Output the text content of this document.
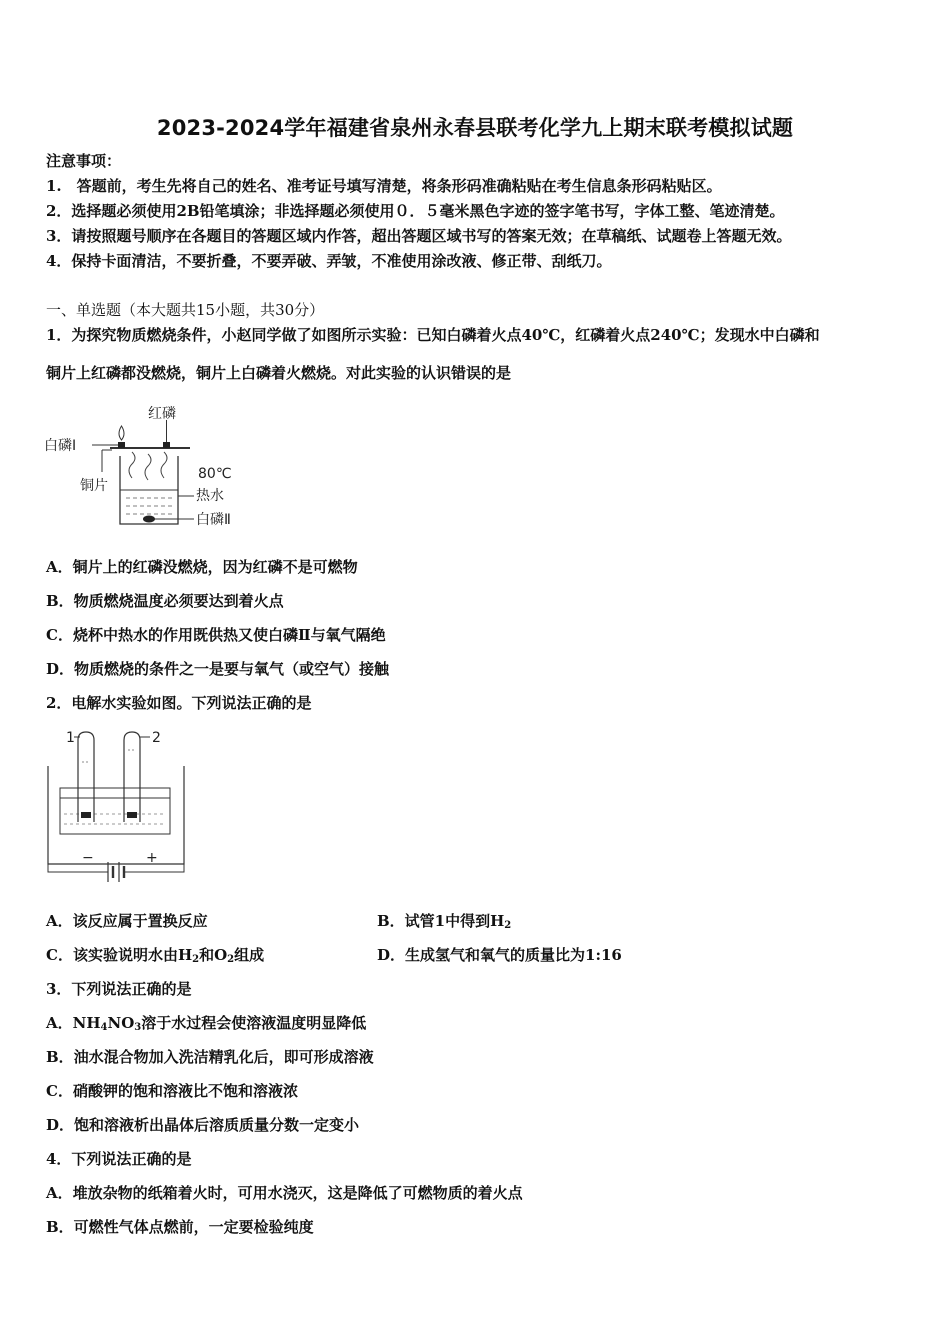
2023-2024学年福建省泉州永春县联考化学九上期末联考模拟试题
注意事项：
1.　答题前，考生先将自己的姓名、准考证号填写清楚，将条形码准确粘贴在考生信息条形码粘贴区。
2．选择题必须使用2B铅笔填涂；非选择题必须使用０．５毫米黑色字迹的签字笔书写，字体工整、笔迹清楚。
3．请按照题号顺序在各题目的答题区域内作答，超出答题区域书写的答案无效；在草稿纸、试题卷上答题无效。
4．保持卡面清洁，不要折叠，不要弄破、弄皱，不准使用涂改液、修正带、刮纸刀。
一、单选题（本大题共15小题，共30分）
1．为探究物质燃烧条件，小赵同学做了如图所示实验：已知白磷着火点40℃，红磷着火点240℃；发现水中白磷和
铜片上红磷都没燃烧，铜片上白磷着火燃烧。对此实验的认识错误的是
红磷
白磷Ⅰ
铜片
80℃
热水
白磷Ⅱ
A．铜片上的红磷没燃烧，因为红磷不是可燃物
B．物质燃烧温度必须要达到着火点
C．烧杯中热水的作用既供热又使白磷Ⅱ与氧气隔绝
D．物质燃烧的条件之一是要与氧气（或空气）接触
2．电解水实验如图。下列说法正确的是
1	2
−	+
A．该反应属于置换反应	B．试管1中得到$H_2$
C．该实验说明水由$H_2$和$O_2$组成	D．生成氢气和氧气的质量比为1:16
3．下列说法正确的是
A．$NH_4NO_3$溶于水过程会使溶液温度明显降低
B．油水混合物加入洗洁精乳化后，即可形成溶液
C．硝酸钾的饱和溶液比不饱和溶液浓
D．饱和溶液析出晶体后溶质质量分数一定变小
4．下列说法正确的是
A．堆放杂物的纸箱着火时，可用水浇灭，这是降低了可燃物质的着火点
B．可燃性气体点燃前，一定要检验纯度
